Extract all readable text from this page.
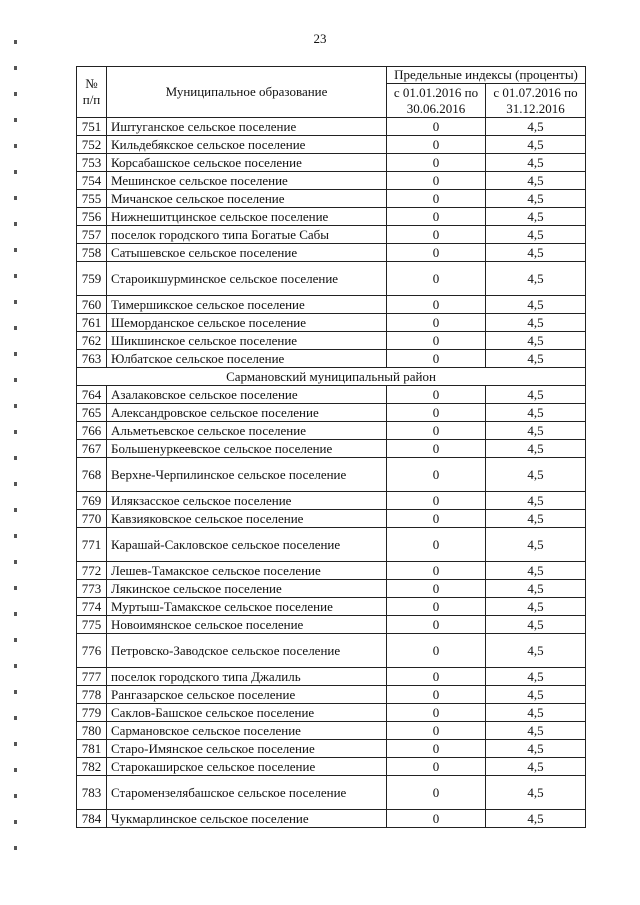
23
№ п/п	Муниципальное образование	Предельные индексы (проценты)	
		с 01.01.2016 по 30.06.2016	с 01.07.2016 по 31.12.2016
751	Иштуганское сельское поселение	0	4,5
752	Кильдебякское сельское поселение	0	4,5
753	Корсабашское сельское поселение	0	4,5
754	Мешинское сельское поселение	0	4,5
755	Мичанское сельское поселение	0	4,5
756	Нижнешитцинское сельское поселение	0	4,5
757	поселок городского типа Богатые Сабы	0	4,5
758	Сатышевское сельское поселение	0	4,5
759	Староикшурминское сельское поселение	0	4,5
760	Тимершикское сельское поселение	0	4,5
761	Шеморданское сельское поселение	0	4,5
762	Шикшинское сельское поселение	0	4,5
763	Юлбатское сельское поселение	0	4,5
Сармановский муниципальный район			
764	Азалаковское сельское поселение	0	4,5
765	Александровское сельское поселение	0	4,5
766	Альметьевское сельское поселение	0	4,5
767	Большенуркеевское сельское поселение	0	4,5
768	Верхне-Черпилинское сельское поселение	0	4,5
769	Илякзасское сельское поселение	0	4,5
770	Кавзияковское сельское поселение	0	4,5
771	Карашай-Сакловское сельское поселение	0	4,5
772	Лешев-Тамакское сельское поселение	0	4,5
773	Лякинское сельское поселение	0	4,5
774	Муртыш-Тамакское сельское поселение	0	4,5
775	Новоимянское сельское поселение	0	4,5
776	Петровско-Заводское сельское поселение	0	4,5
777	поселок городского типа Джалиль	0	4,5
778	Рангазарское сельское поселение	0	4,5
779	Саклов-Башское сельское поселение	0	4,5
780	Сармановское сельское поселение	0	4,5
781	Старо-Имянское сельское поселение	0	4,5
782	Старокаширское сельское поселение	0	4,5
783	Старомензелябашское сельское поселение	0	4,5
784	Чукмарлинское сельское поселение	0	4,5
